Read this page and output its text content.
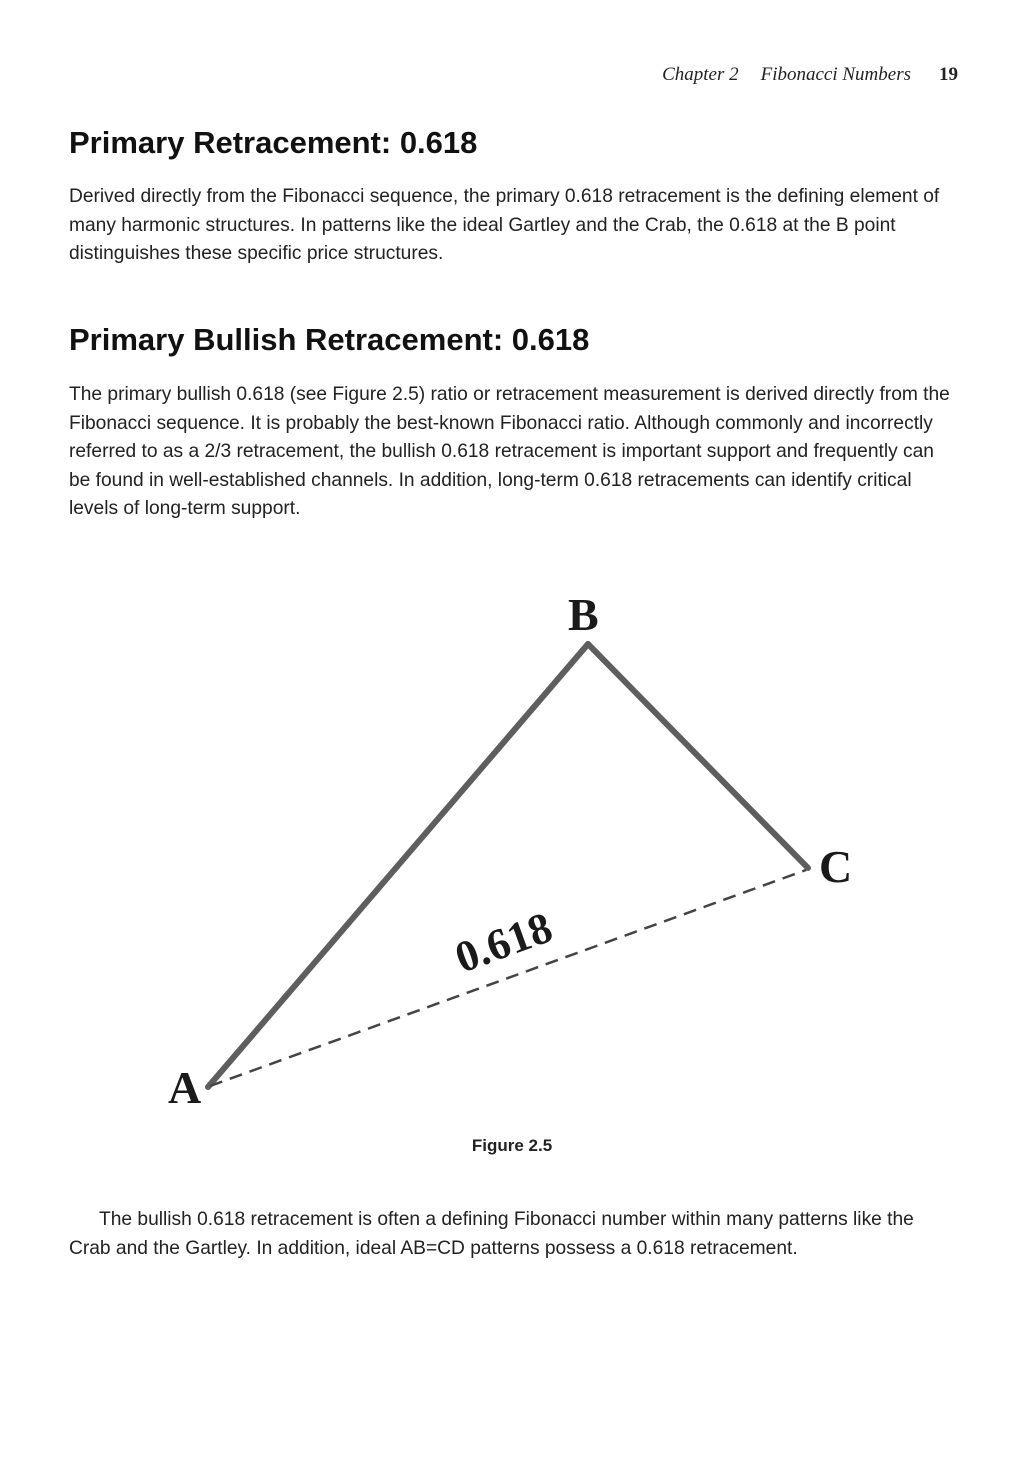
Chapter 2 Fibonacci Numbers 19
Primary Retracement: 0.618

Derived directly from the Fibonacci sequence, the primary 0.618 retracement is the defining element of many harmonic structures. In patterns like the ideal Gartley and the Crab, the 0.618 at the B point distinguishes these specific price structures.

Primary Bullish Retracement: 0.618

The primary bullish 0.618 (see Figure 2.5) ratio or retracement measurement is derived directly from the Fibonacci sequence. It is probably the best-known Fibonacci ratio. Although commonly and incorrectly referred to as a 2/3 retracement, the bullish 0.618 retracement is important support and frequently can be found in well-established channels. In addition, long-term 0.618 retracements can identify critical levels of long-term support.

A
B
C
0.618
Figure 2.5

The bullish 0.618 retracement is often a defining Fibonacci number within many patterns like the Crab and the Gartley. In addition, ideal AB=CD patterns possess a 0.618 retracement.
